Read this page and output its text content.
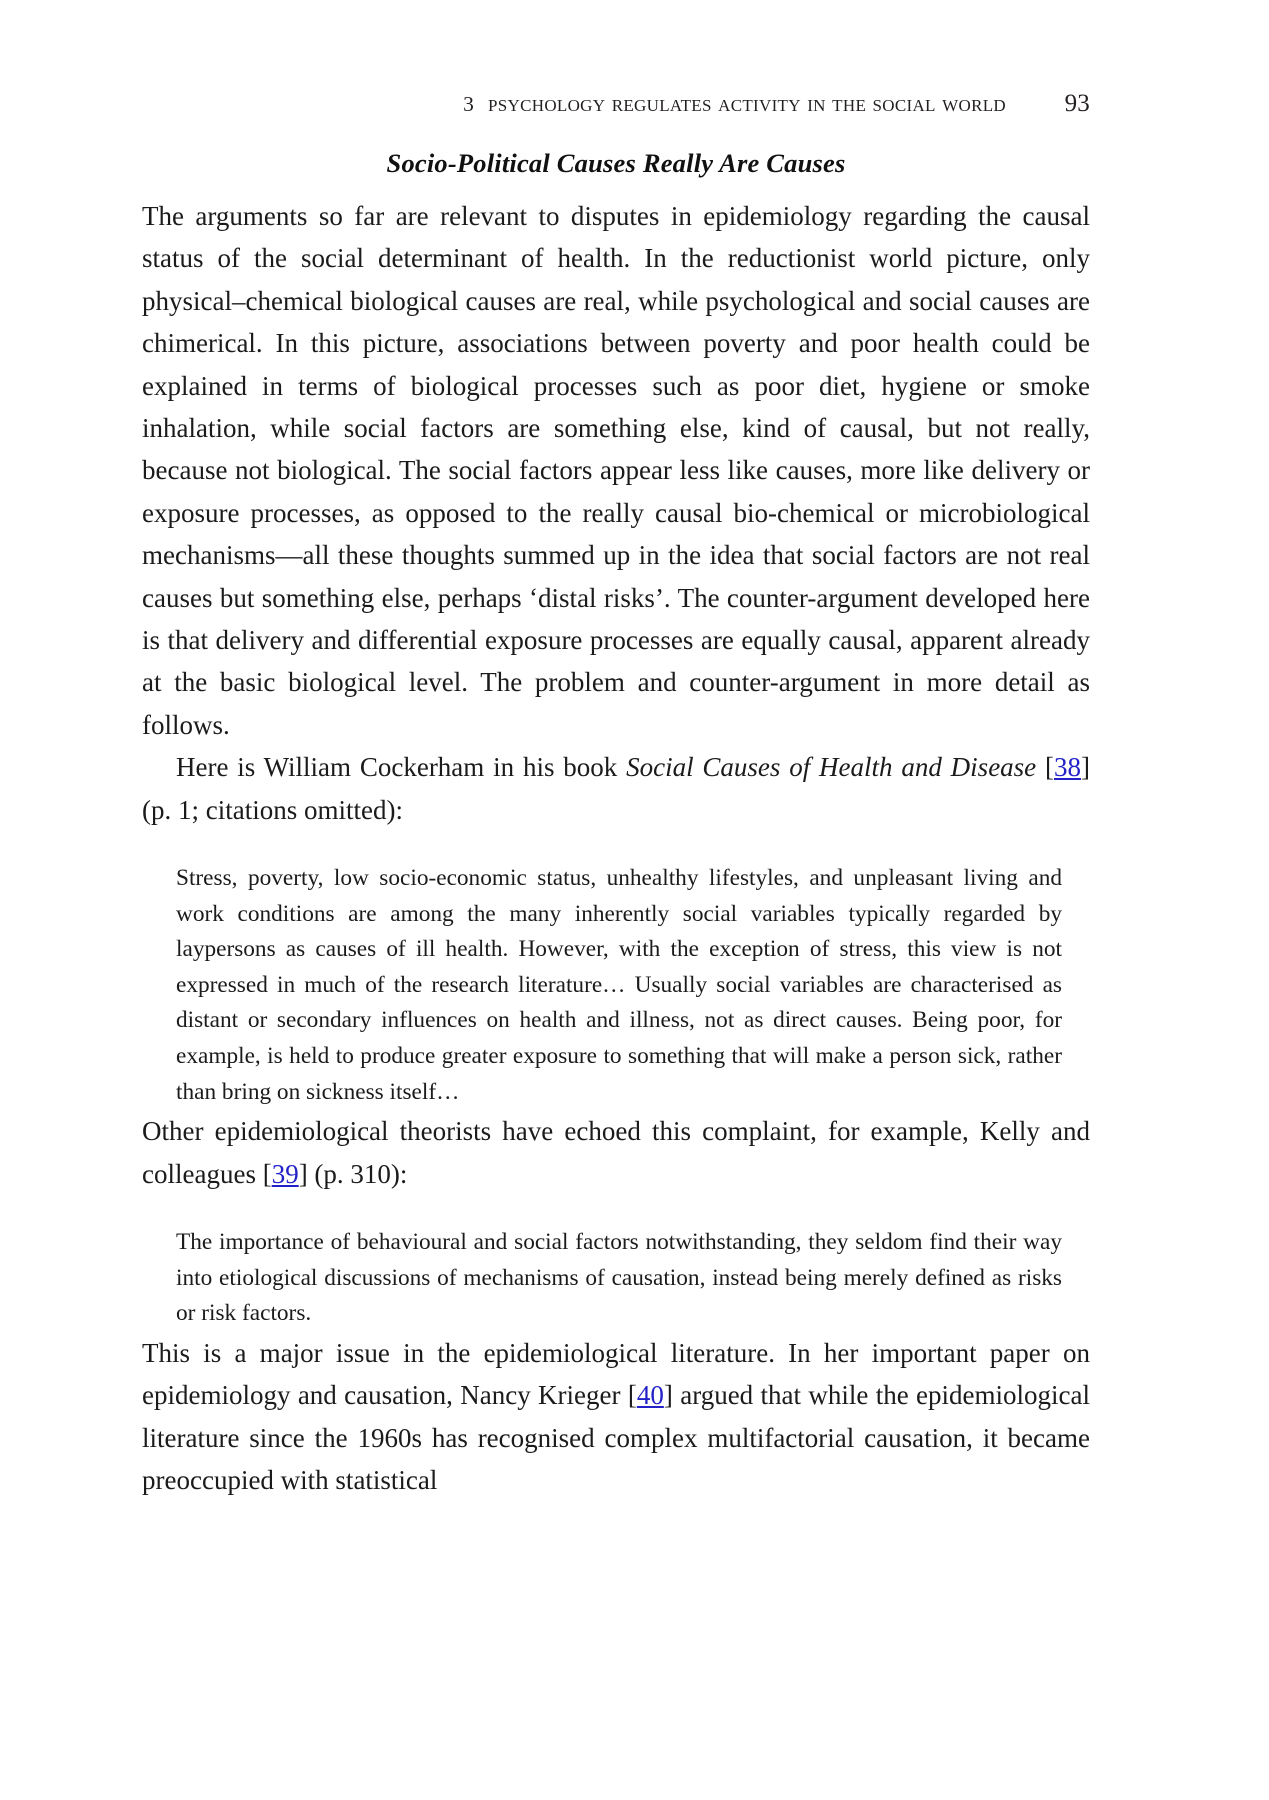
3 psychology regulates activity in the social world	93
Socio-Political Causes Really Are Causes

The arguments so far are relevant to disputes in epidemiology regarding the causal status of the social determinant of health. In the reductionist world picture, only physical–chemical biological causes are real, while psychological and social causes are chimerical. In this picture, associations between poverty and poor health could be explained in terms of biological processes such as poor diet, hygiene or smoke inhalation, while social factors are something else, kind of causal, but not really, because not biological. The social factors appear less like causes, more like delivery or exposure processes, as opposed to the really causal bio-chemical or microbiological mechanisms—all these thoughts summed up in the idea that social factors are not real causes but something else, perhaps ‘distal risks’. The counter-argument developed here is that delivery and differential exposure processes are equally causal, apparent already at the basic biological level. The problem and counter-argument in more detail as follows.

Here is William Cockerham in his book Social Causes of Health and Disease [38] (p. 1; citations omitted):

Stress, poverty, low socio-economic status, unhealthy lifestyles, and unpleasant living and work conditions are among the many inherently social variables typically regarded by laypersons as causes of ill health. However, with the exception of stress, this view is not expressed in much of the research literature… Usually social variables are characterised as distant or secondary influences on health and illness, not as direct causes. Being poor, for example, is held to produce greater exposure to something that will make a person sick, rather than bring on sickness itself…

Other epidemiological theorists have echoed this complaint, for example, Kelly and colleagues [39] (p. 310):

The importance of behavioural and social factors notwithstanding, they seldom find their way into etiological discussions of mechanisms of causation, instead being merely defined as risks or risk factors.

This is a major issue in the epidemiological literature. In her important paper on epidemiology and causation, Nancy Krieger [40] argued that while the epidemiological literature since the 1960s has recognised complex multifactorial causation, it became preoccupied with statistical
